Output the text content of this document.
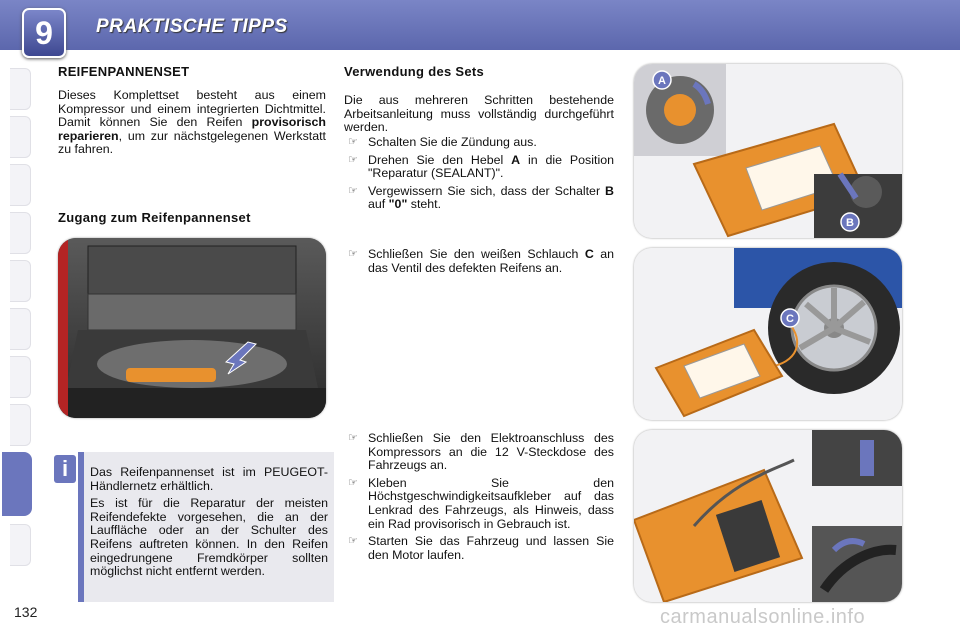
PRAKTISCHE TIPPS
9
REIFENPANNENSET

Dieses Komplettset besteht aus einem Kompressor und einem integrierten Dichtmittel. Damit können Sie den Reifen provisorisch reparieren, um zur nächstgelegenen Werkstatt zu fahren.

Zugang zum Reifenpannenset
i	Das Reifenpannenset ist im PEUGEOT-Händlernetz erhältlich.

Es ist für die Reparatur der meisten Reifendefekte vorgesehen, die an der Lauffläche oder an der Schulter des Reifens auftreten können. In den Reifen eingedrungene Fremdkörper sollten möglichst nicht entfernt werden.

Verwendung des Sets

Die aus mehreren Schritten bestehende Arbeitsanleitung muss vollständig durchgeführt werden.

☞ Schalten Sie die Zündung aus.
☞ Drehen Sie den Hebel A in die Position "Reparatur (SEALANT)".
☞ Vergewissern Sie sich, dass der Schalter B auf "0" steht.
☞ Schließen Sie den weißen Schlauch C an das Ventil des defekten Reifens an.
☞ Schließen Sie den Elektroanschluss des Kompressors an die 12 V-Steckdose des Fahrzeugs an.
☞ Kleben Sie den Höchstgeschwindigkeitsaufkleber auf das Lenkrad des Fahrzeugs, als Hinweis, dass ein Rad provisorisch in Gebrauch ist.
☞ Starten Sie das Fahrzeug und lassen Sie den Motor laufen.
A
B
C
132	carmanualsonline.info
